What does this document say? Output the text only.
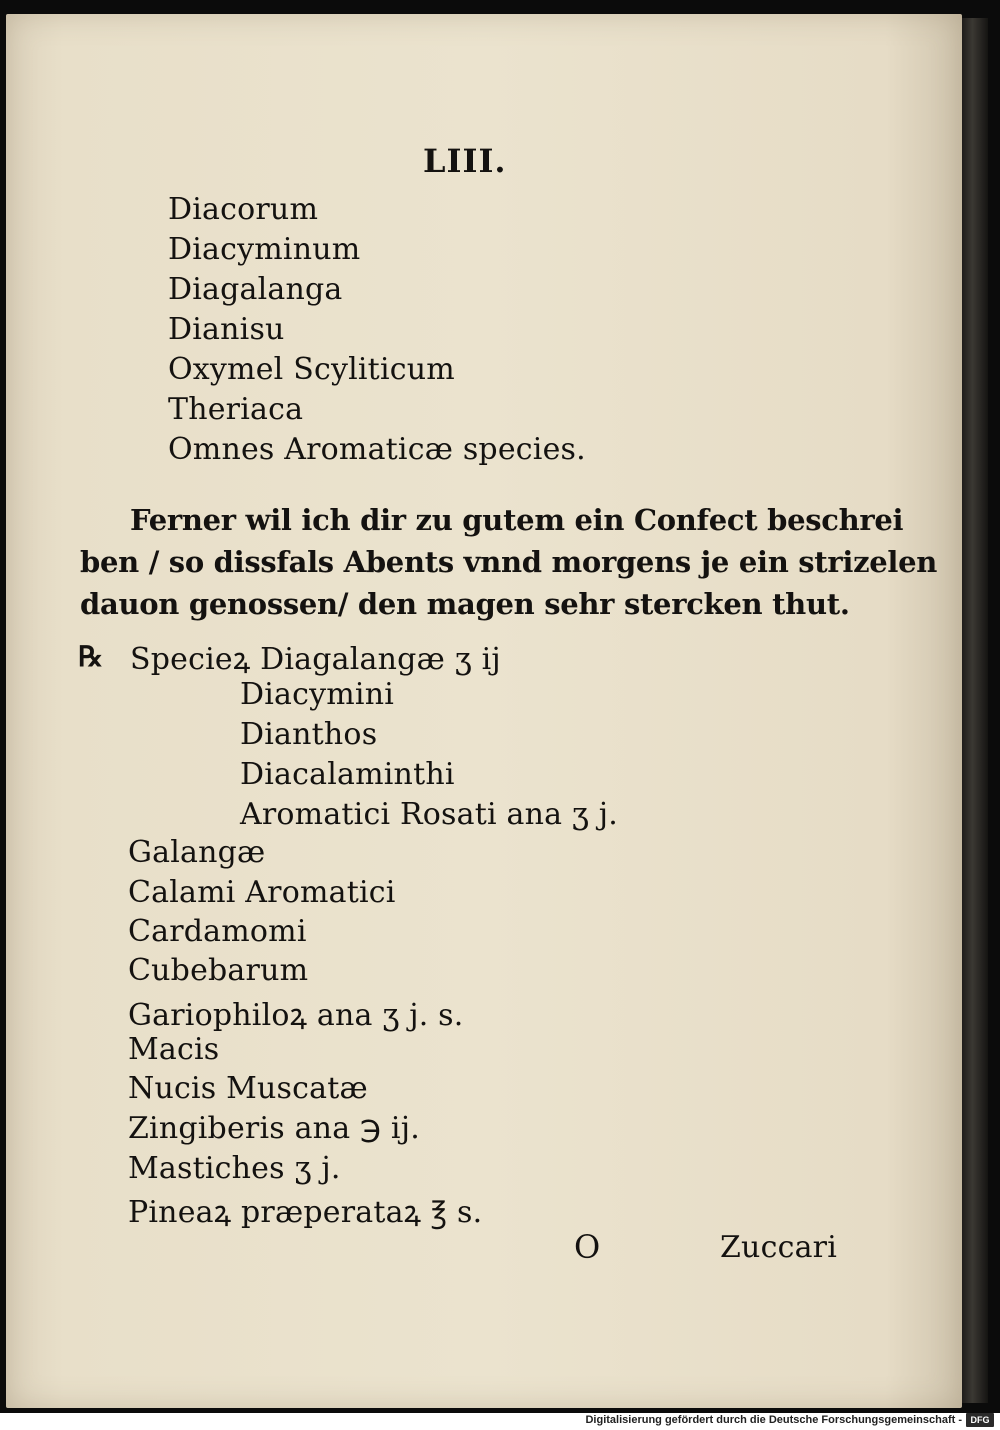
LIII.
Diacorum
Diacyminum
Diagalanga
Dianisu
Oxymel Scyliticum
Theriaca
Omnes Aromaticæ species.
Ferner wil ich dir zu gutem ein Confect beschrei
ben / so dissfals Abents vnnd morgens je ein strizelen
dauon genossen/ den magen sehr stercken thut.
℞ Specieꝝ Diagalangæ ʒ ij
Diacymini
Dianthos
Diacalaminthi
Aromatici Rosati ana ʒ j.
Galangæ
Calami Aromatici
Cardamomi
Cubebarum
Gariophiloꝝ ana ʒ j. s.
Macis
Nucis Muscatæ
Zingiberis ana ℈ ij.
Mastiches ʒ j.
Pineaꝝ præperataꝝ ℥ s.
O	Zuccari
Digitalisierung gefördert durch die Deutsche Forschungsgemeinschaft - DFG
